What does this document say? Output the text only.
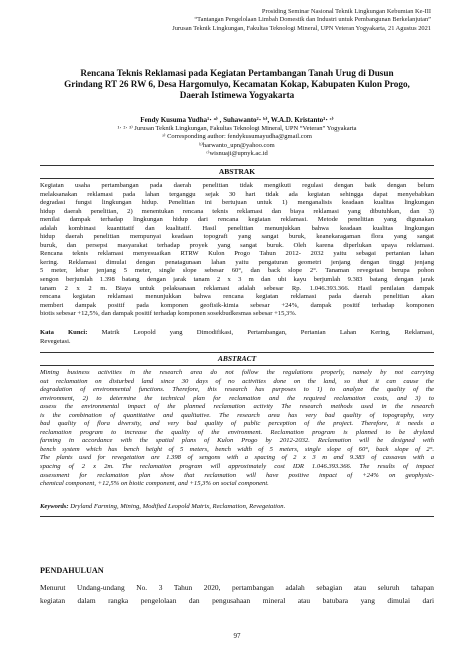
Prosiding Seminar Nasional Teknik Lingkungan Kebumian Ke-III
“Tantangan Pengelolaan Limbah Domestik dan Industri untuk Pembangunan Berkelanjutan”
Jurusan Teknik Lingkungan, Fakultas Teknologi Mineral, UPN Veteran Yogyakarta, 21 Agustus 2021
Rencana Teknis Reklamasi pada Kegiatan Pertambangan Tanah Urug di Dusun
Grindang RT 26 RW 6, Desa Hargomulyo, Kecamatan Kokap, Kabupaten Kulon Progo,
Daerah Istimewa Yogyakarta
Fendy Kusuma Yudha¹⋅ ᵃ⁾ , Suhawanto²⋅ ᵇ⁾, W.A.D. Kristanto³⋅ ᶜ⁾
¹⋅ ²⋅ ³⁾ Jurusan Teknik Lingkungan, Fakultas Teknologi Mineral, UPN “Veteran” Yogyakarta
ᵃ⁾ Corresponding author: fendykusumayudha@gmail.com
ᵇ⁾harwanto_upn@yahoo.com
ᶜ⁾wisnuaji@upnyk.ac.id
ABSTRAK
Kegiatan usaha pertambangan pada daerah penelitian tidak mengikuti regulasi dengan baik dengan belum
melaksanakan reklamasi pada lahan terganggu sejak 30 hari tidak ada kegiatan sehingga dapat menyebabkan
degradasi fungsi lingkungan hidup. Penelitian ini bertujuan untuk 1) menganalisis keadaan kualitas lingkungan
hidup daerah penelitian, 2) menentukan rencana teknis reklamasi dan biaya reklamasi yang dibutuhkan, dan 3)
menilai dampak terhadap lingkungan hidup dari rencana kegiatan reklamasi. Metode penelitian yang digunakan
adalah kombinasi kuantitatif dan kualitatif. Hasil penelitian menunjukkan bahwa keadaan kualitas lingkungan
hidup daerah penelitian mempunyai keadaan topografi yang sangat buruk, keanekaragaman flora yang sangat
buruk, dan persepsi masyarakat terhadap proyek yang sangat buruk. Oleh karena diperlukan upaya reklamasi.
Rencana teknis reklamasi menyesuaikan RTRW Kulon Progo Tahun 2012- 2032 yaitu sebagai pertanian lahan
kering. Reklamasi dimulai dengan penatagunaan lahan yaitu pengaturan geometri jenjang dengan tinggi jenjang
5 meter, lebar jenjang 5 meter, single slope sebesar 60°, dan back slope 2°. Tanaman revegetasi berupa pohon
sengon berjumlah 1.398 batang dengan jarak tanam 2 x 3 m dan ubi kayu berjumlah 9.383 batang dengan jarak
tanam 2 x 2 m. Biaya untuk pelaksanaan reklamasi adalah sebesar Rp. 1.046.393.366. Hasil penilaian dampak
rencana kegiatan reklamasi menunjukkan bahwa rencana kegiatan reklamasi pada daerah penelitian akan
memberi dampak positif pada komponen geofisik-kimia sebesar +24%, dampak positif terhadap komponen
biotis sebesar +12,5%, dan dampak positif terhadap komponen sosekbudkesmas sebesar +15,3%.
Kata Kunci: Matrik Leopold yang Dimodifikasi, Pertambangan, Pertanian Lahan Kering, Reklamasi,
Revegetasi.
ABSTRACT
Mining business activities in the research area do not follow the regulations properly, namely by not carrying
out reclamation on disturbed land since 30 days of no activities done on the land, so that it can cause the
degradation of environmental functions. Therefore, this research has purposes to 1) to analyze the quality of the
environment, 2) to determine the technical plan for reclamation and the required reclamation costs, and 3) to
assess the environmental impact of the planned reclamation activity The research methods used in the research
is the combination of quantitative and qualitative. The research area has very bad quality of topography, very
bad quality of flora diversity, and very bad quality of public perception of the project. Therefore, it needs a
reclamation program to increase the quality of the environment. Reclamation program is planned to be dryland
farming in accordance with the spatial plans of Kulon Progo by 2012-2032. Reclamation will be designed with
bench system which has bench height of 5 meters, bench width of 5 meters, single slope of 60°, back slope of 2°.
The plants used for revegetation are 1.398 of sengons with a spacing of 2 x 3 m and 9.383 of cassavas with a
spacing of 2 x 2m. The reclamation program will approximately cost IDR 1.046.393.366. The results of impact
assessment for reclamation plan show that reclamation will have positive impact of +24% on geophysic-
chemical component, +12,5% on biotic component, and +15,3% on social component.
Keywords: Dryland Farming, Mining, Modified Leopold Matrix, Reclamation, Revegetation.
PENDAHULUAN
Menurut Undang-undang No. 3 Tahun 2020, pertambangan adalah sebagian atau seluruh tahapan
kegiatan dalam rangka pengelolaan dan pengusahaan mineral atau batubara yang dimulai dari
97
